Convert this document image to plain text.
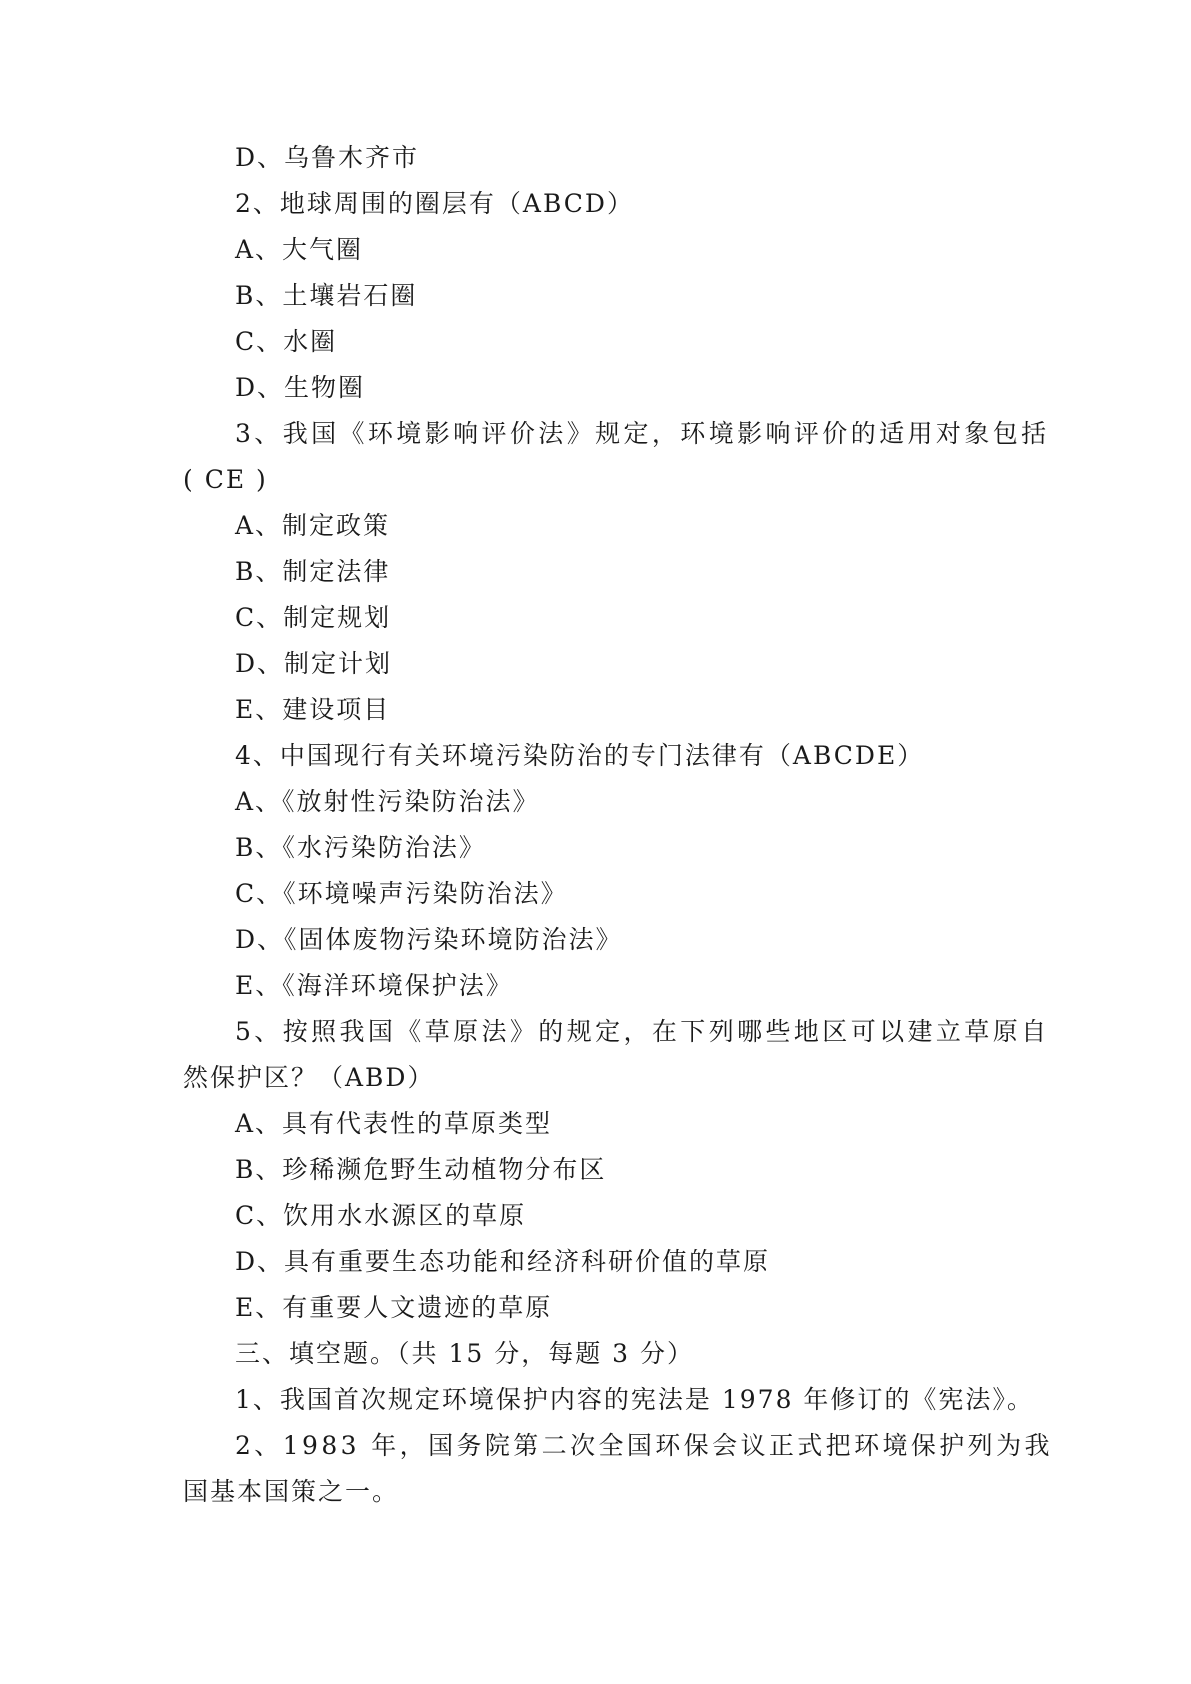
D、乌鲁木齐市
2、地球周围的圈层有（ABCD）
A、大气圈
B、土壤岩石圈
C、水圈
D、生物圈
3、我国《环境影响评价法》规定，环境影响评价的适用对象包括
( CE )
A、制定政策
B、制定法律
C、制定规划
D、制定计划
E、建设项目
4、中国现行有关环境污染防治的专门法律有（ABCDE）
A、《放射性污染防治法》
B、《水污染防治法》
C、《环境噪声污染防治法》
D、《固体废物污染环境防治法》
E、《海洋环境保护法》
5、按照我国《草原法》的规定，在下列哪些地区可以建立草原自
然保护区？（ABD）
A、具有代表性的草原类型
B、珍稀濒危野生动植物分布区
C、饮用水水源区的草原
D、具有重要生态功能和经济科研价值的草原
E、有重要人文遗迹的草原
三、填空题。（共 15 分，每题 3 分）
1、我国首次规定环境保护内容的宪法是 1978 年修订的《宪法》。
2、1983 年，国务院第二次全国环保会议正式把环境保护列为我
国基本国策之一。
